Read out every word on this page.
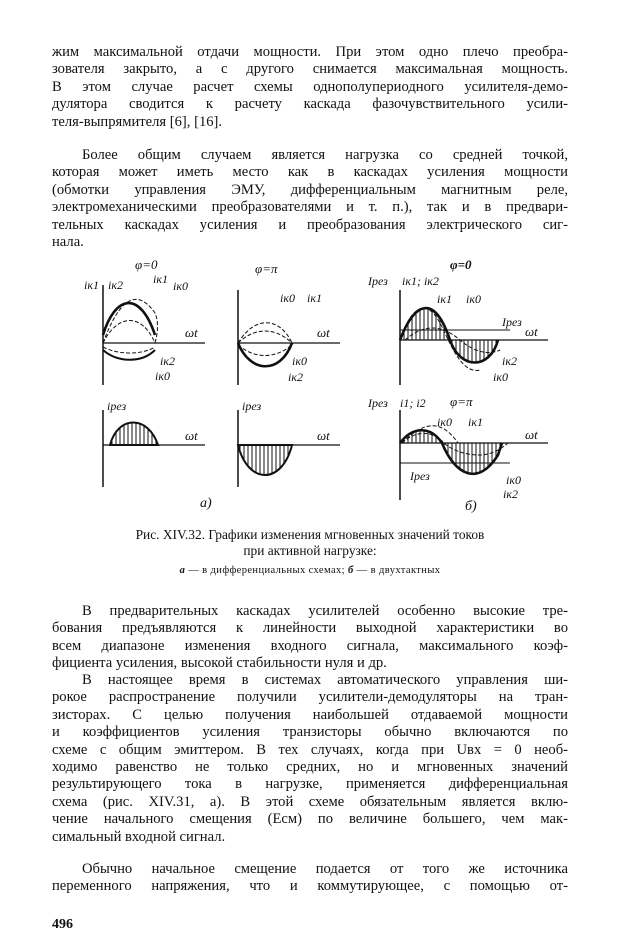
жим максимальной отдачи мощности. При этом одно плечо преобра-
зователя закрыто, а с другого снимается максимальная мощность.
В этом случае расчет схемы однополупериодного усилителя-демо-
дулятора сводится к расчету каскада фазочувствительного усили-
теля-выпрямителя [6], [16].
Более общим случаем является нагрузка со средней точкой,
которая может иметь место как в каскадах усиления мощности
(обмотки управления ЭМУ, дифференциальным магнитным реле,
электромеханическими преобразователями и т. п.), так и в предвари-
тельных каскадах усиления и преобразования электрического сиг-
нала.
φ=0
iк1 iк2	iк1 iк0
ωt
iк2
iк0
φ=π
iк0 iк1
ωt
iк0
iк2
iрез
ωt
iрез
ωt
а)
φ=0
Iрез iк1; iк2
iк1 iк0
Iрез
ωt
iк2
iк0
Iрез i1; i2 φ=π
iк0 iк1
ωt
Iрез	iк0
iк2
б)

Рис. XIV.32. Графики изменения мгновенных значений токов

при активной нагрузке:

а — в дифференциальных схемах; б — в двухтактных

В предварительных каскадах усилителей особенно высокие тре-
бования предъявляются к линейности выходной характеристики во
всем диапазоне изменения входного сигнала, максимального коэф-
фициента усиления, высокой стабильности нуля и др.
В настоящее время в системах автоматического управления ши-
рокое распространение получили усилители-демодуляторы на тран-
зисторах. С целью получения наибольшей отдаваемой мощности
и коэффициентов усиления транзисторы обычно включаются по
схеме с общим эмиттером. В тех случаях, когда при Uвх = 0 необ-
ходимо равенство не только средних, но и мгновенных значений
результирующего тока в нагрузке, применяется дифференциальная
схема (рис. XIV.31, а). В этой схеме обязательным является вклю-
чение начального смещения (Eсм) по величине большего, чем мак-
симальный входной сигнал.
Обычно начальное смещение подается от того же источника
переменного напряжения, что и коммутирующее, с помощью от-
496
